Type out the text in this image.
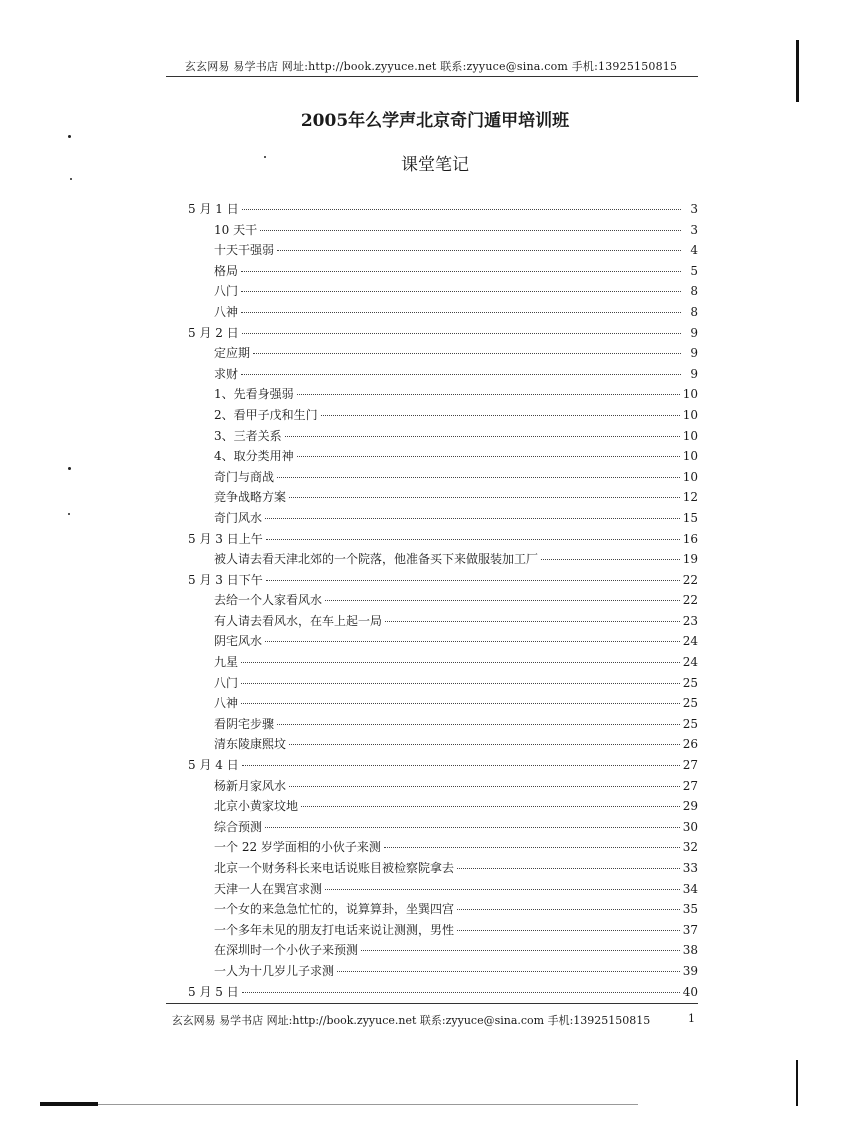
玄玄网易 易学书店 网址:http://book.zyyuce.net 联系:zyyuce@sina.com 手机:13925150815
2005年么学声北京奇门遁甲培训班
课堂笔记
5 月 1 日	3
10 天干	3
十天干强弱	4
格局	5
八门	8
八神	8
5 月 2 日	9
定应期	9
求财	9
1、先看身强弱	10
2、看甲子戊和生门	10
3、三者关系	10
4、取分类用神	10
奇门与商战	10
竞争战略方案	12
奇门风水	15
5 月 3 日上午	16
被人请去看天津北郊的一个院落，他准备买下来做服装加工厂	19
5 月 3 日下午	22
去给一个人家看风水	22
有人请去看风水，在车上起一局	23
阴宅风水	24
九星	24
八门	25
八神	25
看阴宅步骤	25
清东陵康熙坟	26
5 月 4 日	27
杨新月家风水	27
北京小黄家坟地	29
综合预测	30
一个 22 岁学面相的小伙子来测	32
北京一个财务科长来电话说账目被检察院拿去	33
天津一人在巽宫求测	34
一个女的来急急忙忙的，说算算卦，坐巽四宫	35
一个多年未见的朋友打电话来说让测测，男性	37
在深圳时一个小伙子来预测	38
一人为十几岁儿子求测	39
5 月 5 日	40
玄玄网易 易学书店 网址:http://book.zyyuce.net 联系:zyyuce@sina.com 手机:13925150815	1
